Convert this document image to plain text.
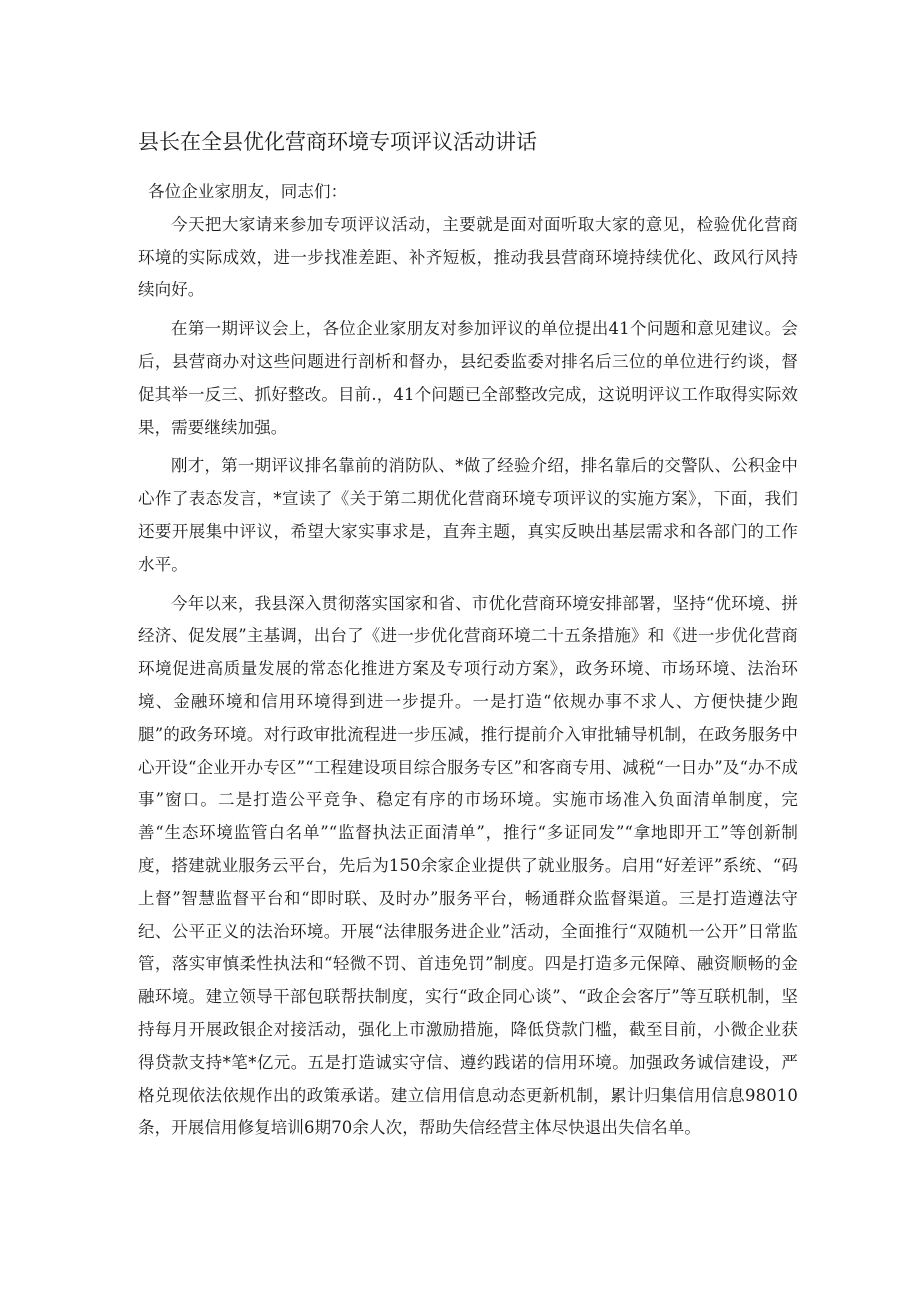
县长在全县优化营商环境专项评议活动讲话

各位企业家朋友，同志们：

今天把大家请来参加专项评议活动，主要就是面对面听取大家的意见，检验优化营商环境的实际成效，进一步找准差距、补齐短板，推动我县营商环境持续优化、政风行风持续向好。

在第一期评议会上，各位企业家朋友对参加评议的单位提出41个问题和意见建议。会后，县营商办对这些问题进行剖析和督办，县纪委监委对排名后三位的单位进行约谈，督促其举一反三、抓好整改。目前.，41个问题已全部整改完成，这说明评议工作取得实际效果，需要继续加强。

刚才，第一期评议排名靠前的消防队、*做了经验介绍，排名靠后的交警队、公积金中心作了表态发言，*宣读了《关于第二期优化营商环境专项评议的实施方案》，下面，我们还要开展集中评议，希望大家实事求是，直奔主题，真实反映出基层需求和各部门的工作水平。

今年以来，我县深入贯彻落实国家和省、市优化营商环境安排部署，坚持“优环境、拼经济、促发展”主基调，出台了《进一步优化营商环境二十五条措施》和《进一步优化营商环境促进高质量发展的常态化推进方案及专项行动方案》，政务环境、市场环境、法治环境、金融环境和信用环境得到进一步提升。一是打造“依规办事不求人、方便快捷少跑腿”的政务环境。对行政审批流程进一步压减，推行提前介入审批辅导机制，在政务服务中心开设“企业开办专区”“工程建设项目综合服务专区”和客商专用、减税“一日办”及“办不成事”窗口。二是打造公平竞争、稳定有序的市场环境。实施市场准入负面清单制度，完善“生态环境监管白名单”“监督执法正面清单”，推行“多证同发”“拿地即开工”等创新制度，搭建就业服务云平台，先后为150余家企业提供了就业服务。启用“好差评”系统、“码上督”智慧监督平台和“即时联、及时办”服务平台，畅通群众监督渠道。三是打造遵法守纪、公平正义的法治环境。开展“法律服务进企业”活动，全面推行“双随机一公开”日常监管，落实审慎柔性执法和“轻微不罚、首违免罚”制度。四是打造多元保障、融资顺畅的金融环境。建立领导干部包联帮扶制度，实行“政企同心谈”、“政企会客厅”等互联机制，坚持每月开展政银企对接活动，强化上市激励措施，降低贷款门槛，截至目前，小微企业获得贷款支持*笔*亿元。五是打造诚实守信、遵约践诺的信用环境。加强政务诚信建设，严格兑现依法依规作出的政策承诺。建立信用信息动态更新机制，累计归集信用信息98010条，开展信用修复培训6期70余人次，帮助失信经营主体尽快退出失信名单。
